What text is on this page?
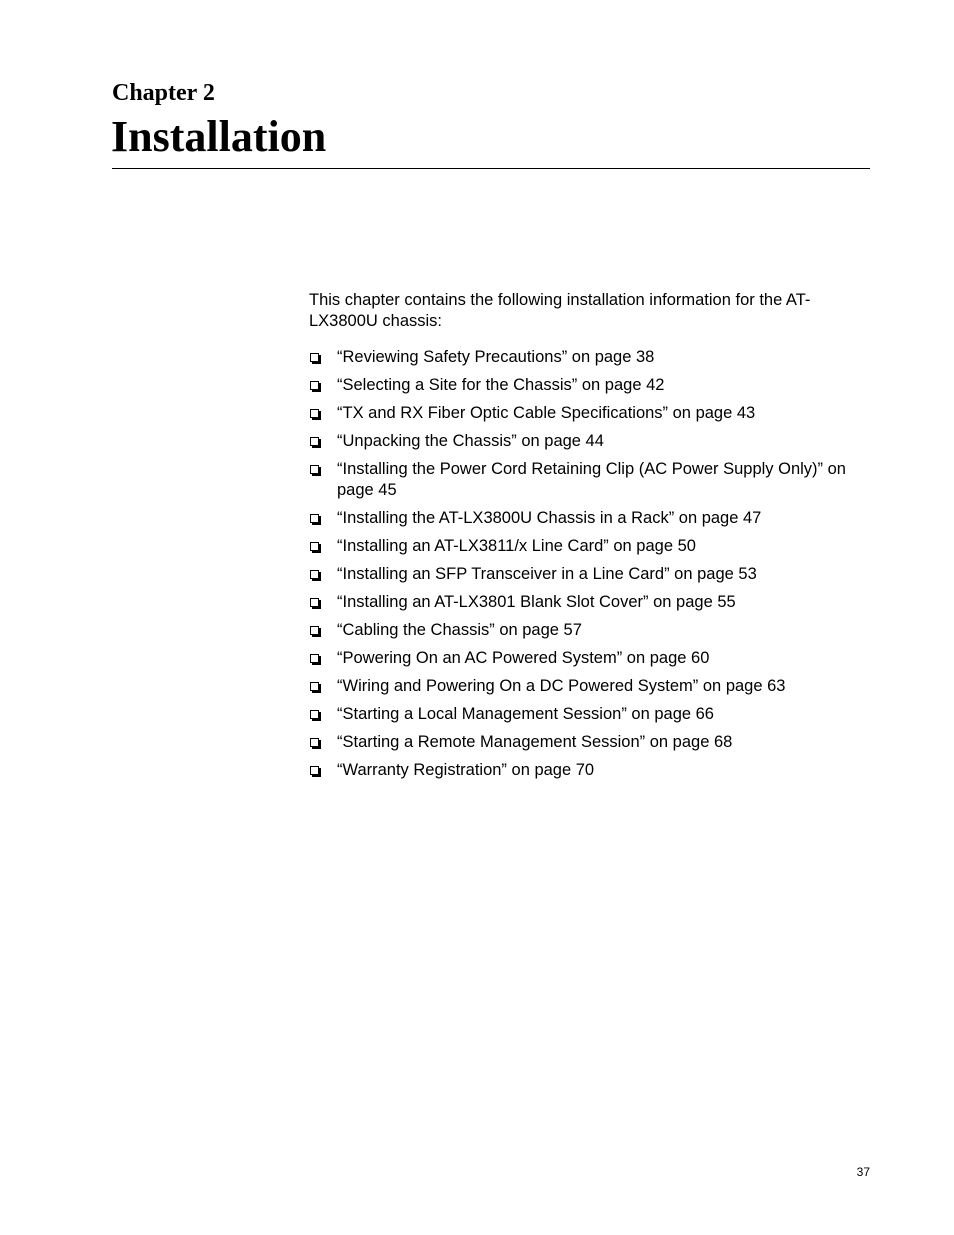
Chapter 2
Installation

This chapter contains the following installation information for the AT-LX3800U chassis:

“Reviewing Safety Precautions” on page 38
“Selecting a Site for the Chassis” on page 42
“TX and RX Fiber Optic Cable Specifications” on page 43
“Unpacking the Chassis” on page 44
“Installing the Power Cord Retaining Clip (AC Power Supply Only)” on page 45
“Installing the AT-LX3800U Chassis in a Rack” on page 47
“Installing an AT-LX3811/x Line Card” on page 50
“Installing an SFP Transceiver in a Line Card” on page 53
“Installing an AT-LX3801 Blank Slot Cover” on page 55
“Cabling the Chassis” on page 57
“Powering On an AC Powered System” on page 60
“Wiring and Powering On a DC Powered System” on page 63
“Starting a Local Management Session” on page 66
“Starting a Remote Management Session” on page 68
“Warranty Registration” on page 70
37
